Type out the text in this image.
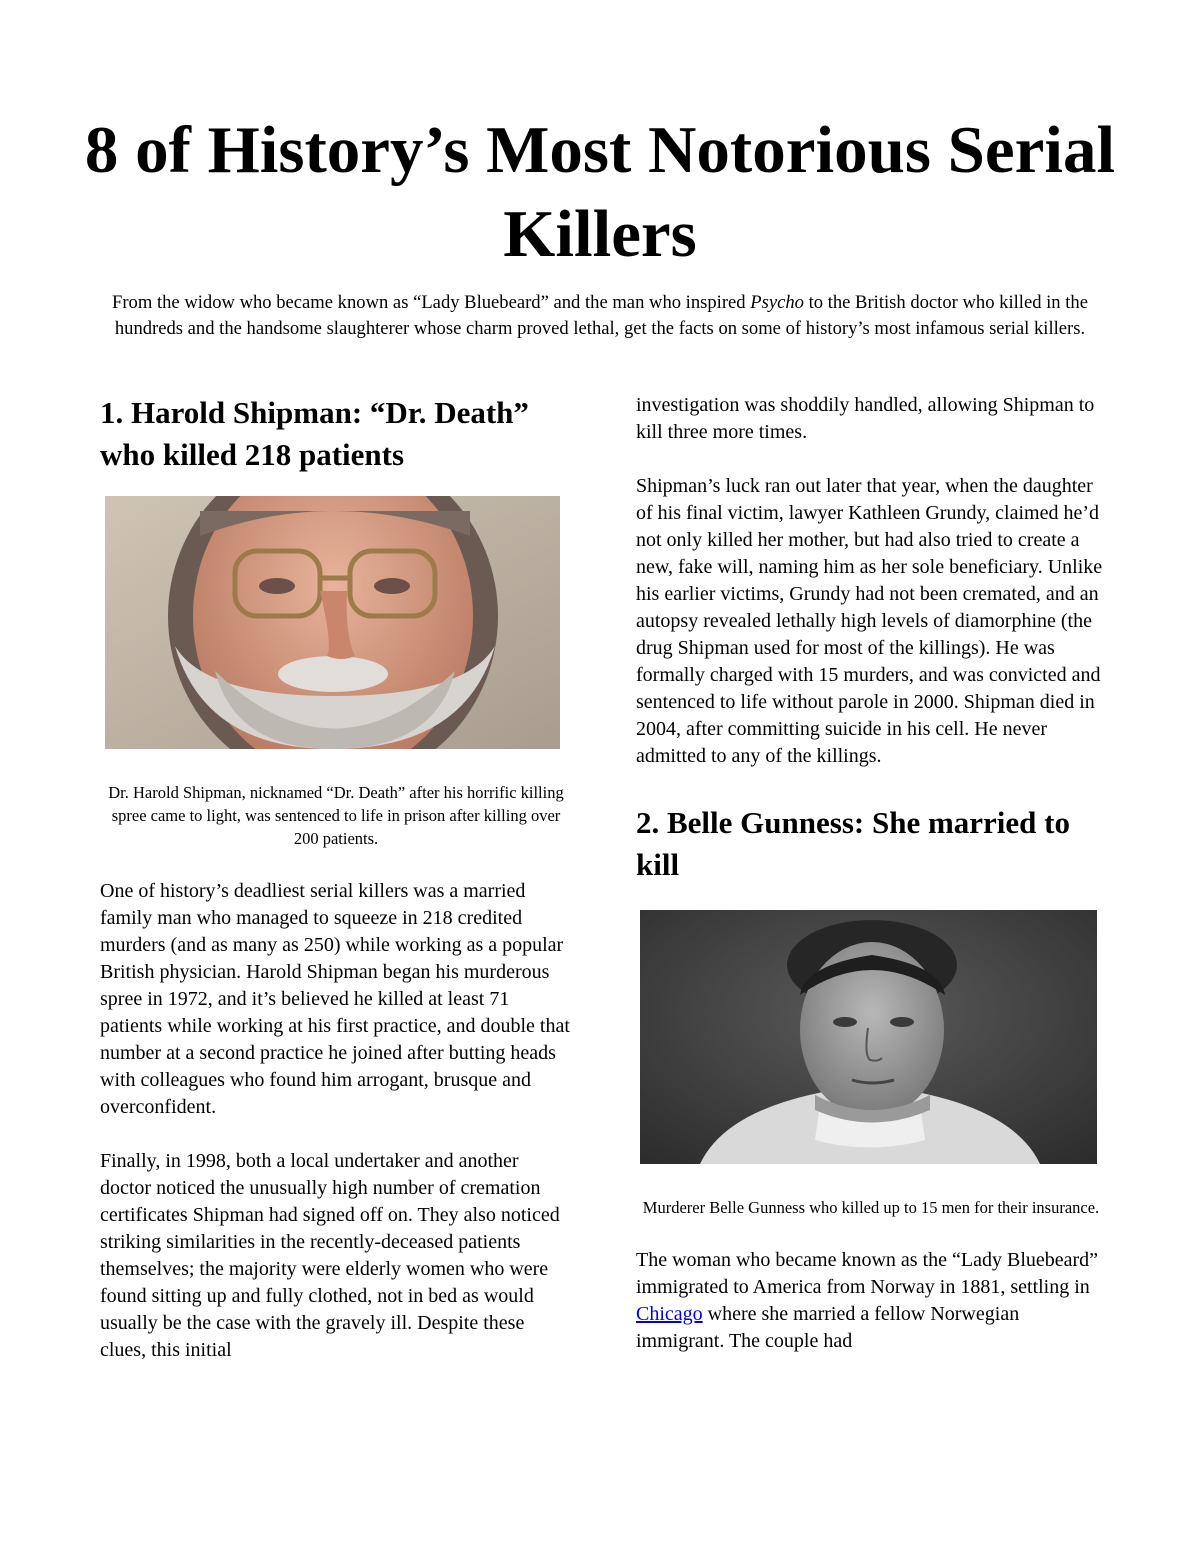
8 of History’s Most Notorious Serial Killers

From the widow who became known as “Lady Bluebeard” and the man who inspired Psycho to the British doctor who killed in the hundreds and the handsome slaughterer whose charm proved lethal, get the facts on some of history’s most infamous serial killers.

1. Harold Shipman: “Dr. Death” who killed 218 patients

Dr. Harold Shipman, nicknamed “Dr. Death” after his horrific killing spree came to light, was sentenced to life in prison after killing over 200 patients.

One of history’s deadliest serial killers was a married family man who managed to squeeze in 218 credited murders (and as many as 250) while working as a popular British physician. Harold Shipman began his murderous spree in 1972, and it’s believed he killed at least 71 patients while working at his first practice, and double that number at a second practice he joined after butting heads with colleagues who found him arrogant, brusque and overconfident.

Finally, in 1998, both a local undertaker and another doctor noticed the unusually high number of cremation certificates Shipman had signed off on. They also noticed striking similarities in the recently-deceased patients themselves; the majority were elderly women who were found sitting up and fully clothed, not in bed as would usually be the case with the gravely ill. Despite these clues, this initial

investigation was shoddily handled, allowing Shipman to kill three more times.

Shipman’s luck ran out later that year, when the daughter of his final victim, lawyer Kathleen Grundy, claimed he’d not only killed her mother, but had also tried to create a new, fake will, naming him as her sole beneficiary. Unlike his earlier victims, Grundy had not been cremated, and an autopsy revealed lethally high levels of diamorphine (the drug Shipman used for most of the killings). He was formally charged with 15 murders, and was convicted and sentenced to life without parole in 2000. Shipman died in 2004, after committing suicide in his cell. He never admitted to any of the killings.

2. Belle Gunness: She married to kill

Murderer Belle Gunness who killed up to 15 men for their insurance.

The woman who became known as the “Lady Bluebeard” immigrated to America from Norway in 1881, settling in Chicago where she married a fellow Norwegian immigrant. The couple had
